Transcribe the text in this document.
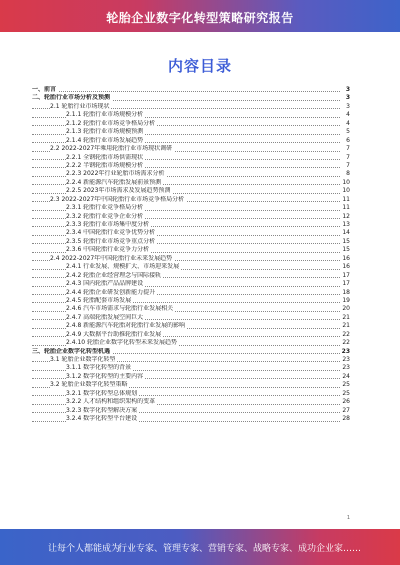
轮胎企业数字化转型策略研究报告
内容目录
一、前言	3
二、轮胎行业市场分析及预测	3
2.1 轮胎行业市场现状	3
2.1.1 轮胎行业市场规模分析	4
2.1.2 轮胎行业市场竞争格局分析	4
2.1.3 轮胎行业市场规模预测	5
2.1.4 轮胎行业市场发展趋势	6
2.2 2022-2027年乘用轮胎行业市场现状调研	7
2.2.1 全钢轮胎市场供需现状	7
2.2.2 半钢轮胎市场规模分析	7
2.2.3 2022年行业轮胎市场需求分析	8
2.2.4 新能源汽车轮胎发展前景预测	10
2.2.5 2023年市场需求及发展趋势预测	10
2.3 2022-2027年中国轮胎行业市场竞争格局分析	11
2.3.1 轮胎行业竞争格局分析	11
2.3.2 轮胎行业竞争企业分析	12
2.3.3 轮胎行业市场集中度分析	13
2.3.4 中国轮胎行业竞争优势分析	14
2.3.5 轮胎行业市场竞争重点分析	15
2.3.6 中国轮胎行业竞争力分析	15
2.4 2022-2027年中国轮胎行业未来发展趋势	16
2.4.1 行业发展、规模扩大、市场迎来发展	16
2.4.2 轮胎企业经营理念与国际接轨	17
2.4.3 国内轮胎产品品牌建设	17
2.4.4 轮胎企业研发创新能力提升	18
2.4.5 轮胎配套市场发展	19
2.4.6 汽车市场需求与轮胎行业发展相关	20
2.4.7 高端轮胎发展空间巨大	21
2.4.8 新能源汽车轮胎对轮胎行业发展的影响	21
2.4.9 大数据平台助推轮胎行业发展	22
2.4.10 轮胎企业数字化转型未来发展趋势	22
三、轮胎企业数字化转型机遇	23
3.1 轮胎企业数字化转型	23
3.1.1 数字化转型的背景	23
3.1.2 数字化转型的主要内容	24
3.2 轮胎企业数字化转型策略	25
3.2.1 数字化转型总体规划	25
3.2.2 人才结构和组织架构的变革	26
3.2.3 数字化转型解决方案	27
3.2.4 数字化转型平台建设	28
1
让每个人都能成为
行业专家、管理专家、营销专家、战略专家、成功企业家……
